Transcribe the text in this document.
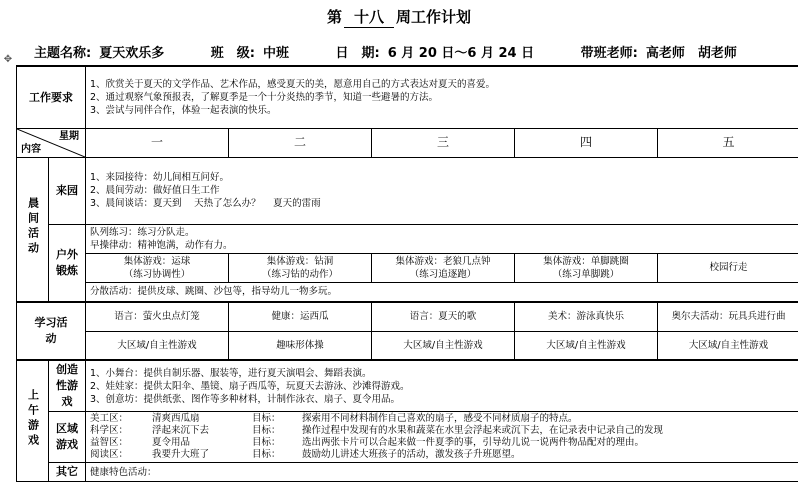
第 十八 周工作计划
主题名称: 夏天欢乐多	班　级: 中班	日　期: 6 月 20 日～6 月 24 日	带班老师: 高老师　胡老师
✥
工作要求		1、欣赏关于夏天的文学作品、艺术作品，感受夏天的美，愿意用自己的方式表达对夏天的喜爱。
2、通过观察气象预报表，了解夏季是一个十分炎热的季节，知道一些避暑的方法。
3、尝试与同伴合作，体验一起表演的快乐。				

星期
内容		一	二	三	四	五
晨间活动	来园	1、来园接待：幼儿间相互问好。
2、晨间劳动：做好值日生工作
3、晨间谈话：夏天到　 天热了怎么办？　 夏天的雷雨				

	户外锻炼	队列练习：练习分队走。
早操律动：精神饱满，动作有力。				

		集体游戏：运球
（练习协调性）	集体游戏：钻洞
（练习钻的动作）	集体游戏：老狼几点钟
（练习追逐跑）	集体游戏：单脚跳圈
（练习单脚跳）	校园行走

		分散活动：提供皮球、跳圈、沙包等，指导幼儿一物多玩。				
学习活动		语言：萤火虫点灯笼	健康：运西瓜	语言：夏天的歌	美术：游泳真快乐	奥尔夫活动：玩具兵进行曲
		大区域/自主性游戏	趣味形体操	大区域/自主性游戏	大区域/自主性游戏	大区域/自主性游戏
上午游戏	创造性游戏	1、小舞台：提供自制乐器、服装等，进行夏天演唱会、舞蹈表演。
2、娃娃家：提供太阳伞、墨镜、扇子西瓜等，玩夏天去游泳、沙滩得游戏。
3、创意坊：提供纸张、图作等多种材料，计制作泳衣、扇子、夏令用品。				

	区域游戏	美工区： 清爽西瓜扇 目标： 探索用不同材料制作自己喜欢的扇子，感受不同材质扇子的特点。
科学区： 浮起来沉下去 目标： 操作过程中发现有的水果和蔬菜在水里会浮起来或沉下去，在记录表中记录自己的发现
益智区： 夏令用品 目标： 选出两张卡片可以合起来做一件夏季的事，引导幼儿说一说两件物品配对的理由。
阅读区： 我要升大班了 目标： 鼓励幼儿讲述大班孩子的活动，激发孩子升班愿望。				

	其它	健康特色活动：				
